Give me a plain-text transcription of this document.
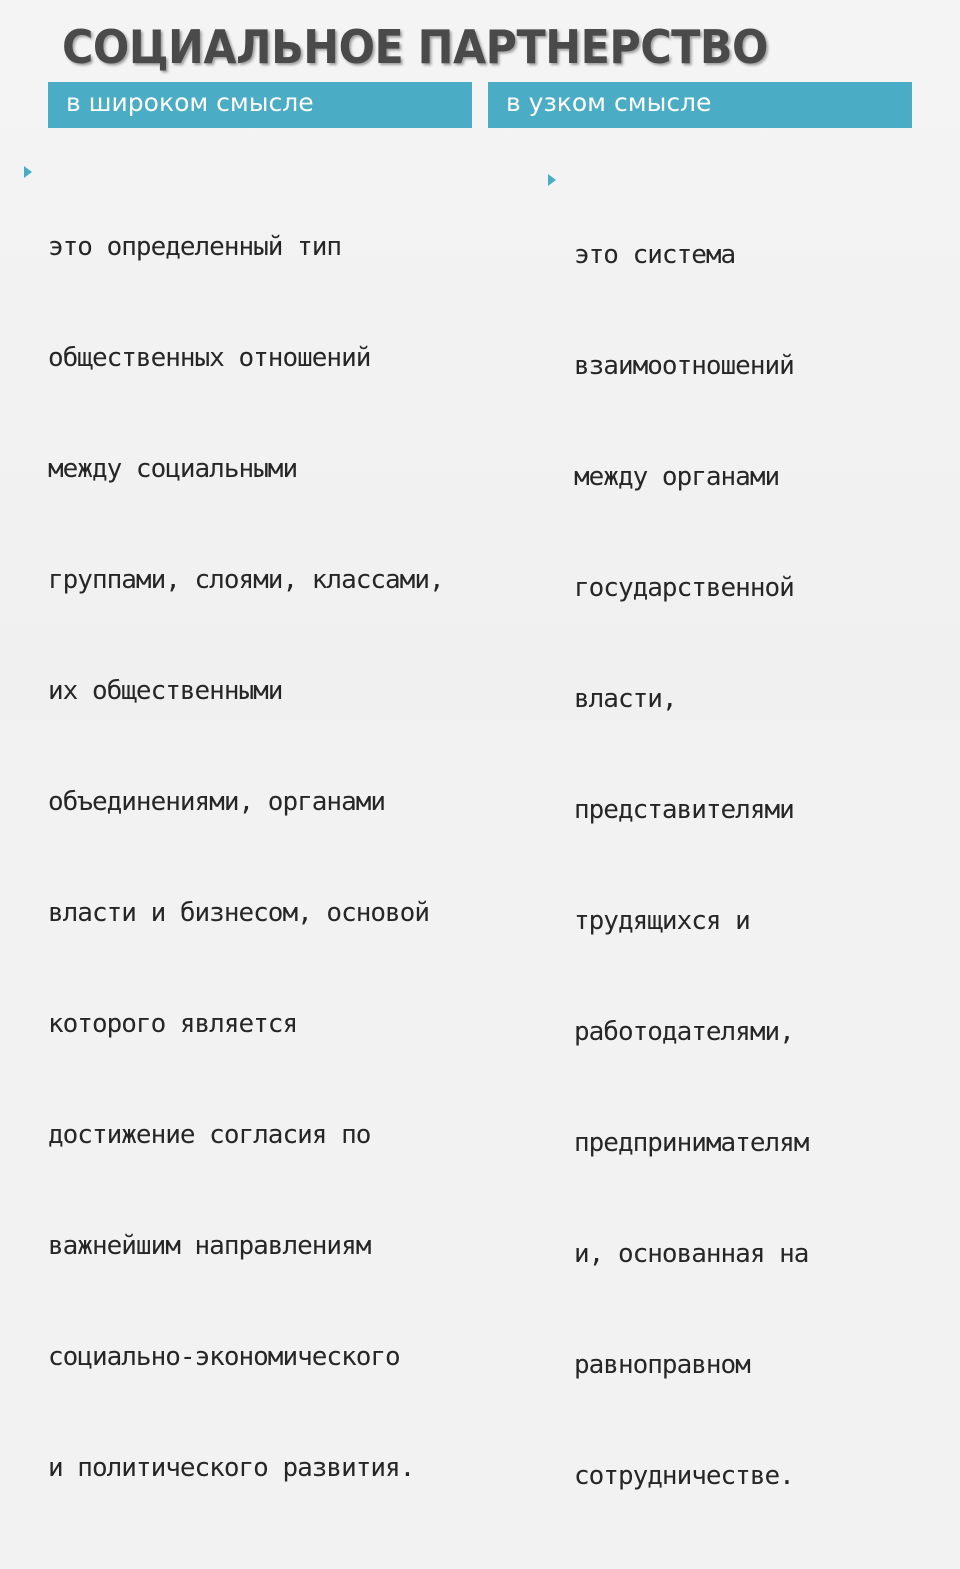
СОЦИАЛЬНОЕ ПАРТНЕРСТВО
в широком смысле	в узком смысле

это определенный тип

общественных отношений

между социальными

группами, слоями, классами,

их общественными

объединениями, органами

власти и бизнесом, основой

которого является

достижение согласия по

важнейшим направлениям

социально-экономического

и политического развития.

это система

взаимоотношений

между органами

государственной

власти,

представителями

трудящихся и

работодателями,

предпринимателям

и, основанная на

равноправном

сотрудничестве.
